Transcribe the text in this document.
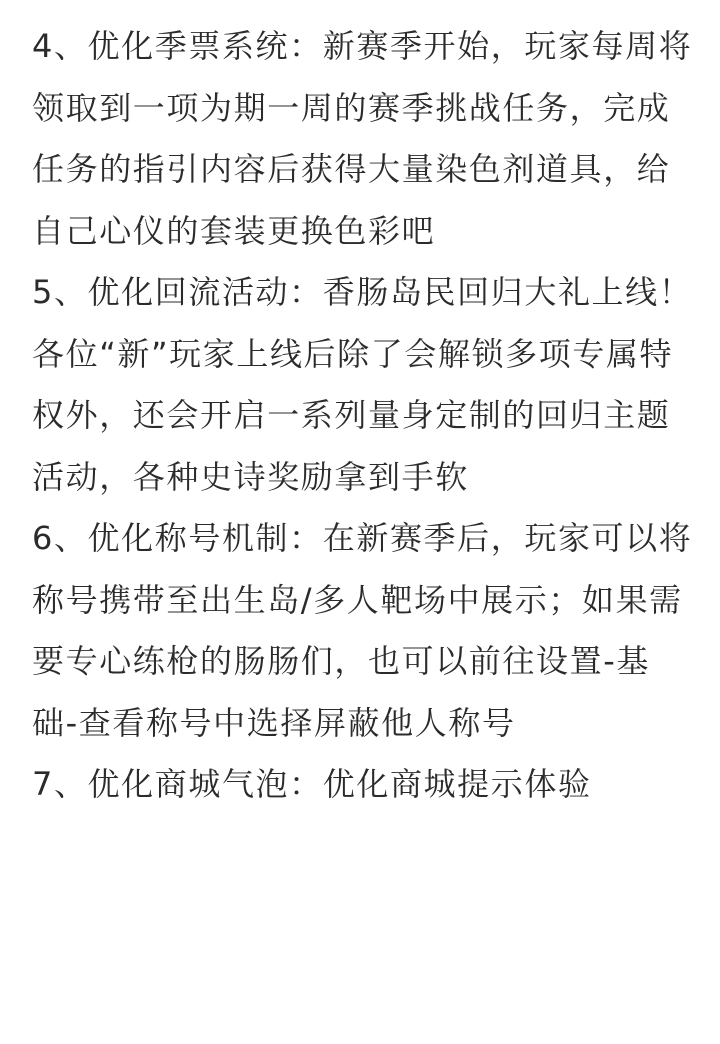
4、优化季票系统：新赛季开始，玩家每周将领取到一项为期一周的赛季挑战任务，完成任务的指引内容后获得大量染色剂道具，给自己心仪的套装更换色彩吧

5、优化回流活动：香肠岛民回归大礼上线！各位“新”玩家上线后除了会解锁多项专属特权外，还会开启一系列量身定制的回归主题活动，各种史诗奖励拿到手软

6、优化称号机制：在新赛季后，玩家可以将称号携带至出生岛/多人靶场中展示；如果需要专心练枪的肠肠们，也可以前往设置-基础-查看称号中选择屏蔽他人称号

7、优化商城气泡：优化商城提示体验
